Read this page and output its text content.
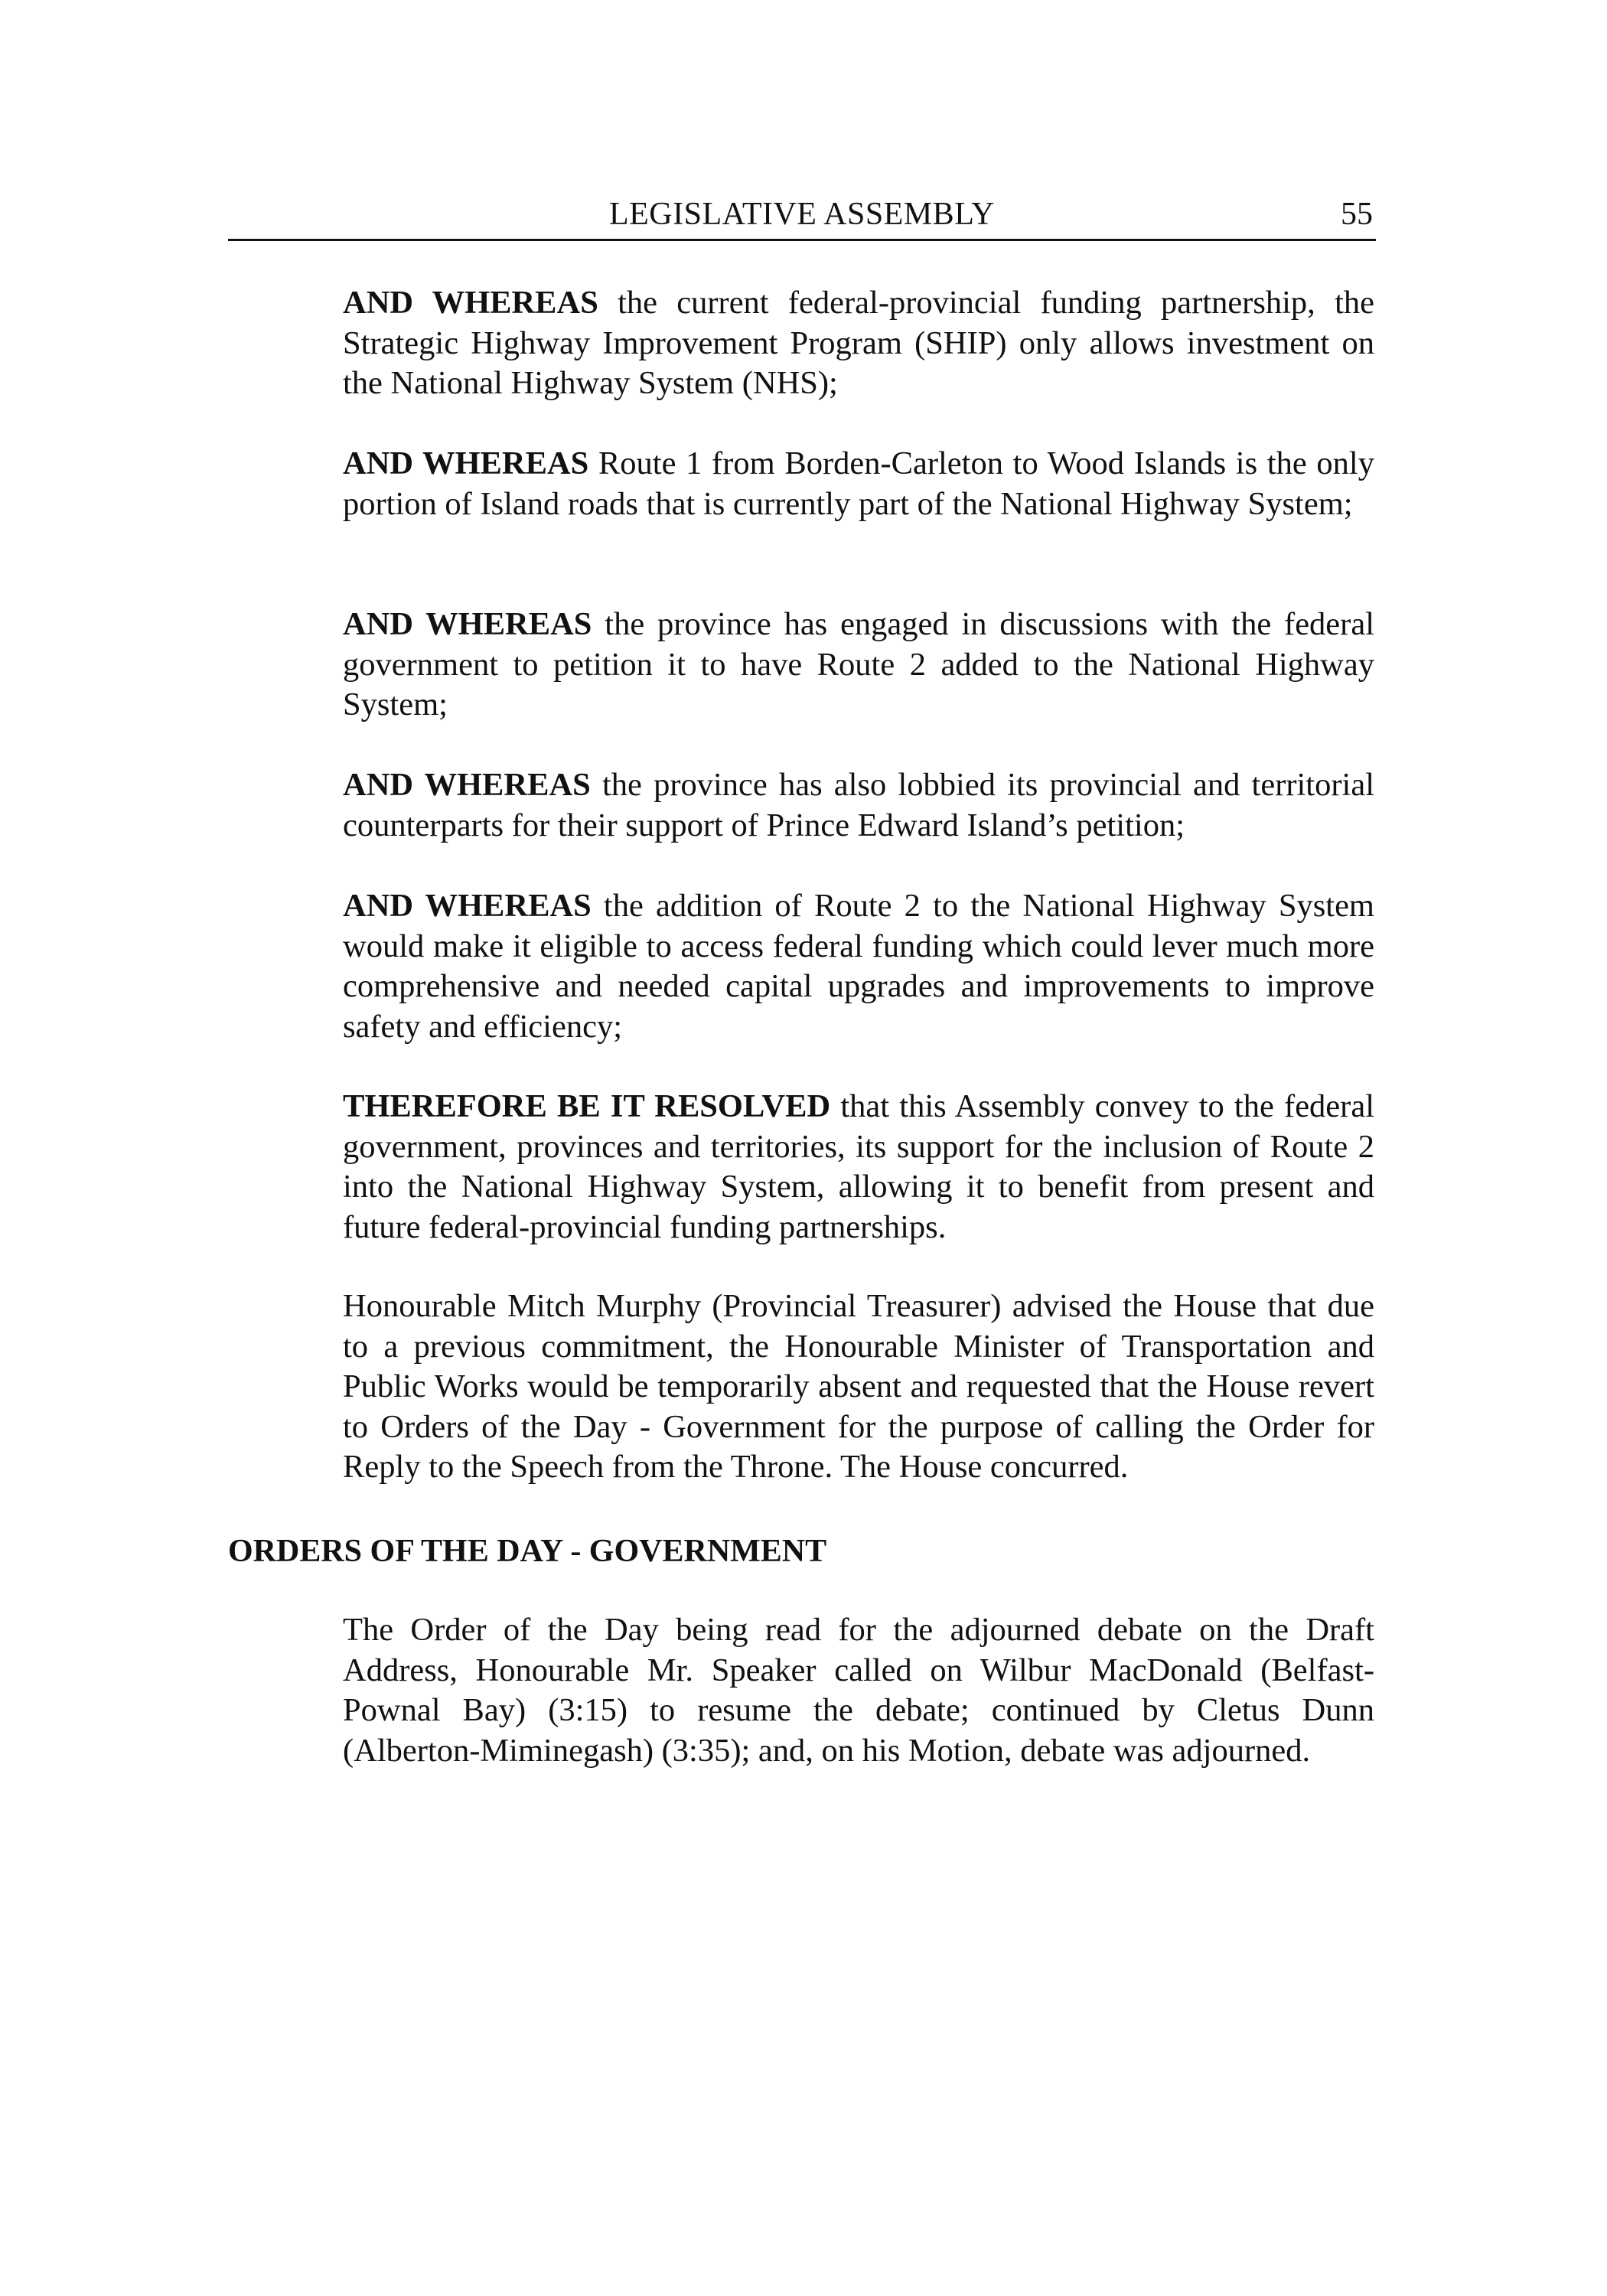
LEGISLATIVE ASSEMBLY	55
AND WHEREAS the current federal-provincial funding partnership, the Strategic Highway Improvement Program (SHIP) only allows investment on the National Highway System (NHS);
AND WHEREAS Route 1 from Borden-Carleton to Wood Islands is the only portion of Island roads that is currently part of the National Highway System;
AND WHEREAS the province has engaged in discussions with the federal government to petition it to have Route 2 added to the National Highway System;
AND WHEREAS the province has also lobbied its provincial and territorial counterparts for their support of Prince Edward Island’s petition;
AND WHEREAS the addition of Route 2 to the National Highway System would make it eligible to access federal funding which could lever much more comprehensive and needed capital upgrades and improvements to improve safety and efficiency;
THEREFORE BE IT RESOLVED that this Assembly convey to the federal government, provinces and territories, its support for the inclusion of Route 2 into the National Highway System, allowing it to benefit from present and future federal-provincial funding partnerships.
Honourable Mitch Murphy (Provincial Treasurer) advised the House that due to a previous commitment, the Honourable Minister of Transportation and Public Works would be temporarily absent and requested that the House revert to Orders of the Day - Government for the purpose of calling the Order for Reply to the Speech from the Throne. The House concurred.
ORDERS OF THE DAY - GOVERNMENT
The Order of the Day being read for the adjourned debate on the Draft Address, Honourable Mr. Speaker called on Wilbur MacDonald (Belfast-Pownal Bay) (3:15) to resume the debate; continued by Cletus Dunn (Alberton-Miminegash) (3:35); and, on his Motion, debate was adjourned.
